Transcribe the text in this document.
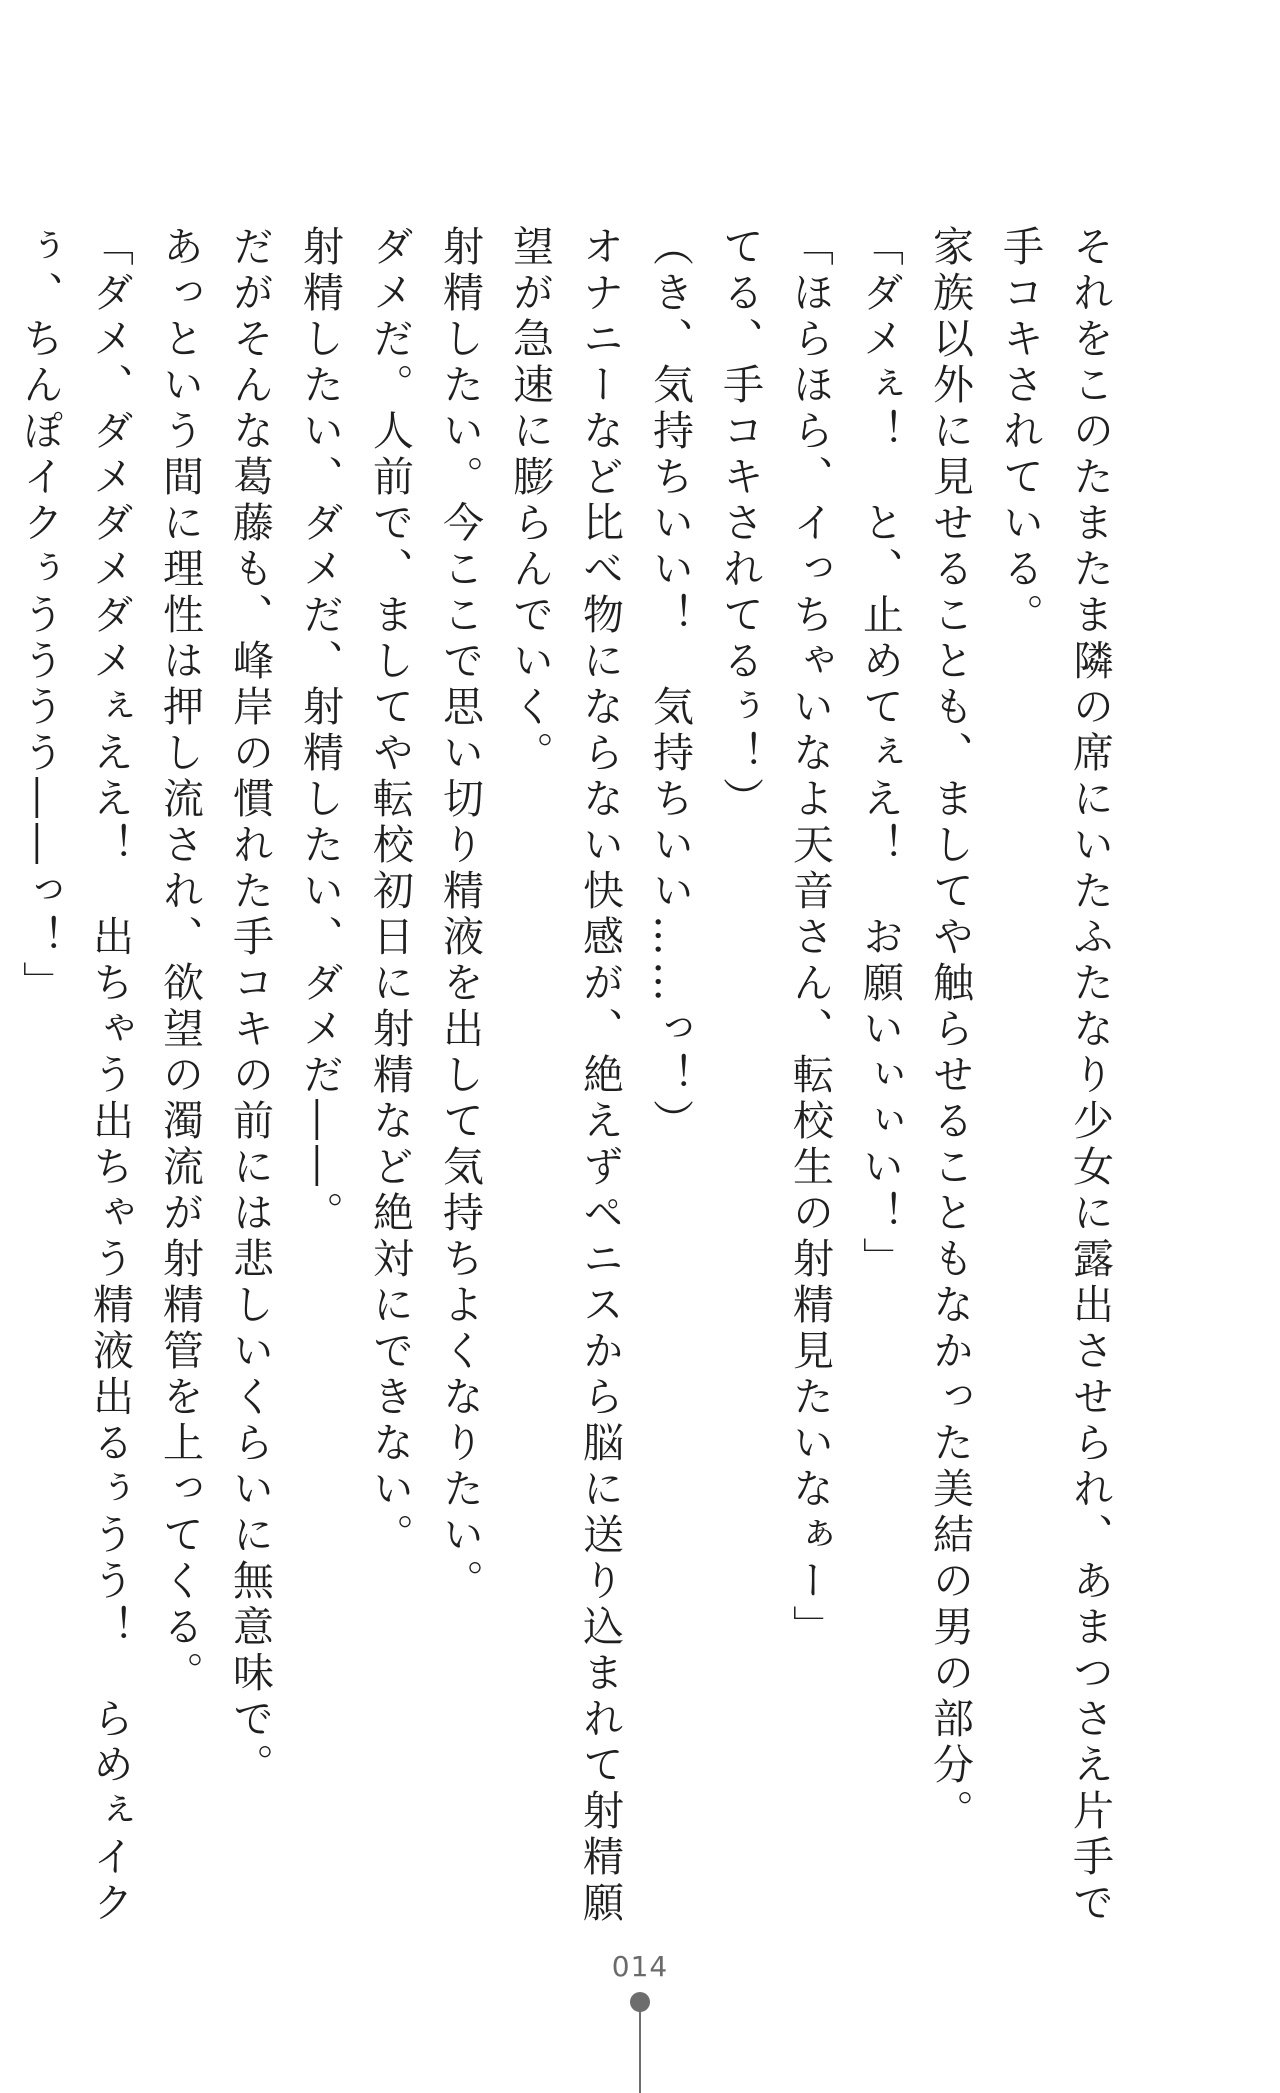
それをこのたまたま隣の席にいたふたなり少女に露出させられ、あまつさえ片手で手コキされている。

家族以外に見せることも、ましてや触らせることもなかった美結の男の部分。

「ダメぇ！　と、止めてぇえ！　お願いぃぃい！」

「ほらほら、イっちゃいなよ天音さん、転校生の射精見たいなぁー」

てる、手コキされてるぅ！）

（き、気持ちいい！　気持ちいい……っ！）

オナニーなど比べ物にならない快感が、絶えずペニスから脳に送り込まれて射精願望が急速に膨らんでいく。

射精したい。今ここで思い切り精液を出して気持ちよくなりたい。

ダメだ。人前で、ましてや転校初日に射精など絶対にできない。

射精したい、ダメだ、射精したい、ダメだ――。

だがそんな葛藤も、峰岸の慣れた手コキの前には悲しいくらいに無意味で。

あっという間に理性は押し流され、欲望の濁流が射精管を上ってくる。

「ダメ、ダメダメダメぇええ！　出ちゃう出ちゃう精液出るぅうう！　らめぇイクぅ、ちんぽイクぅうううう――っ！」

014
